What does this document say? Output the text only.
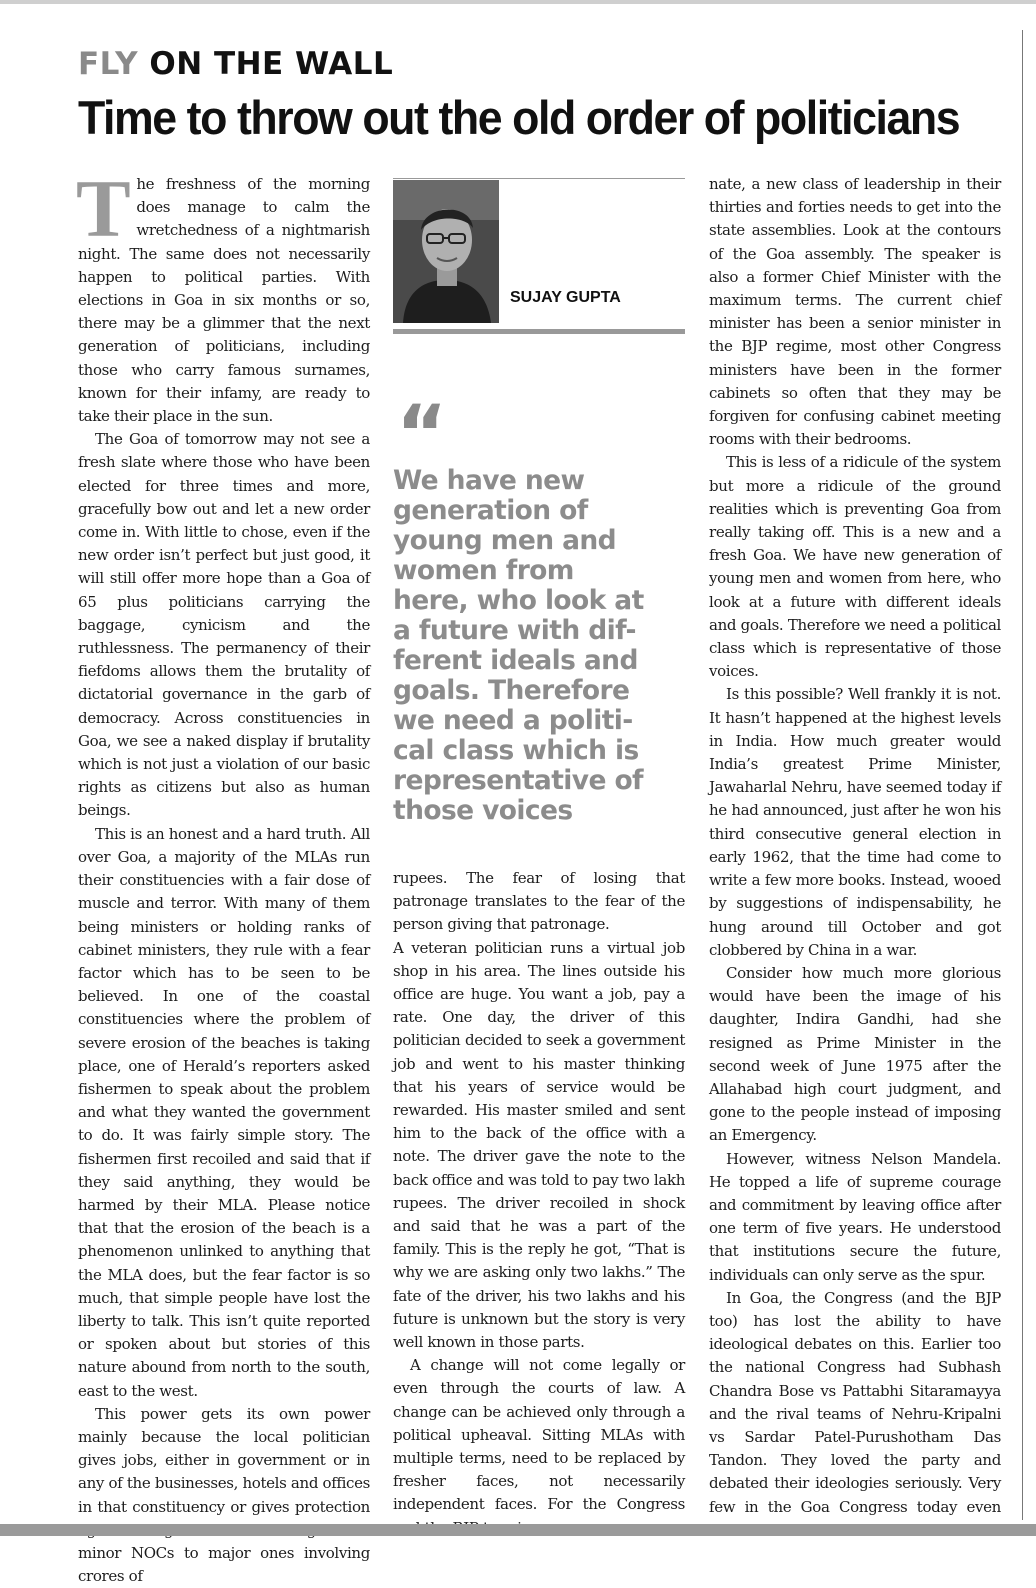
FLY ON THE WALL
Time to throw out the old order of politicians

The freshness of the morning does manage to calm the wretchedness of a nightmarish night. The same does not necessarily happen to political parties. With elections in Goa in six months or so, there may be a glimmer that the next generation of politicians, including those who carry famous surnames, known for their infamy, are ready to take their place in the sun.

The Goa of tomorrow may not see a fresh slate where those who have been elected for three times and more, gracefully bow out and let a new order come in. With little to chose, even if the new order isn’t perfect but just good, it will still offer more hope than a Goa of 65 plus politicians carrying the baggage, cynicism and the ruthlessness. The permanency of their fiefdoms allows them the brutality of dictatorial governance in the garb of democracy. Across constituencies in Goa, we see a naked display if brutality which is not just a violation of our basic rights as citizens but also as human beings.

This is an honest and a hard truth. All over Goa, a majority of the MLAs run their constituencies with a fair dose of muscle and terror. With many of them being ministers or holding ranks of cabinet ministers, they rule with a fear factor which has to be seen to be believed. In one of the coastal constituencies where the problem of severe erosion of the beaches is taking place, one of Herald’s reporters asked fishermen to speak about the problem and what they wanted the government to do. It was fairly simple story. The fishermen first recoiled and said that if they said anything, they would be harmed by their MLA. Please notice that that the erosion of the beach is a phenomenon unlinked to anything that the MLA does, but the fear factor is so much, that simple people have lost the liberty to talk. This isn’t quite reported or spoken about but stories of this nature abound from north to the south, east to the west.

This power gets its own power mainly because the local politician gives jobs, either in government or in any of the businesses, hotels and offices in that constituency or gives protection minor NOCs to major ones involving crores of

SUJAY GUPTA
“
We have new
generation of
young men and
women from
here, who look at
a future with dif-
ferent ideals and
goals. Therefore
we need a politi-
cal class which is
representative of
those voices

rupees. The fear of losing that patronage translates to the fear of the person giving that patronage.

A veteran politician runs a virtual job shop in his area. The lines outside his office are huge. You want a job, pay a rate. One day, the driver of this politician decided to seek a government job and went to his master thinking that his years of service would be rewarded. His master smiled and sent him to the back of the office with a note. The driver gave the note to the back office and was told to pay two lakh rupees. The driver recoiled in shock and said that he was a part of the family. This is the reply he got, “That is why we are asking only two lakhs.” The fate of the driver, his two lakhs and his future is unknown but the story is very well known in those parts.

A change will not come legally or even through the courts of law. A change can be achieved only through a political upheaval. Sitting MLAs with multiple terms, need to be replaced by fresher faces, not necessarily independent faces. For the Congress

nate, a new class of leadership in their thirties and forties needs to get into the state assemblies. Look at the contours of the Goa assembly. The speaker is also a former Chief Minister with the maximum terms. The current chief minister has been a senior minister in the BJP regime, most other Congress ministers have been in the former cabinets so often that they may be forgiven for confusing cabinet meeting rooms with their bedrooms.

This is less of a ridicule of the system but more a ridicule of the ground realities which is preventing Goa from really taking off. This is a new and a fresh Goa. We have new generation of young men and women from here, who look at a future with different ideals and goals. Therefore we need a political class which is representative of those voices.

Is this possible? Well frankly it is not. It hasn’t happened at the highest levels in India. How much greater would India’s greatest Prime Minister, Jawaharlal Nehru, have seemed today if he had announced, just after he won his third consecutive general election in early 1962, that the time had come to write a few more books. Instead, wooed by suggestions of indispensability, he hung around till October and got clobbered by China in a war.

Consider how much more glorious would have been the image of his daughter, Indira Gandhi, had she resigned as Prime Minister in the second week of June 1975 after the Allahabad high court judgment, and gone to the people instead of imposing an Emergency.

However, witness Nelson Mandela. He topped a life of supreme courage and commitment by leaving office after one term of five years. He understood that institutions secure the future, individuals can only serve as the spur.

In Goa, the Congress (and the BJP too) has lost the ability to have ideological debates on this. Earlier too the national Congress had Subhash Chandra Bose vs Pattabhi Sitaramayya and the rival teams of Nehru-Kripalni vs Sardar Patel-Purushotham Das Tandon. They loved the party and debated their ideologies seriously. Very few in the Goa Congress today even
